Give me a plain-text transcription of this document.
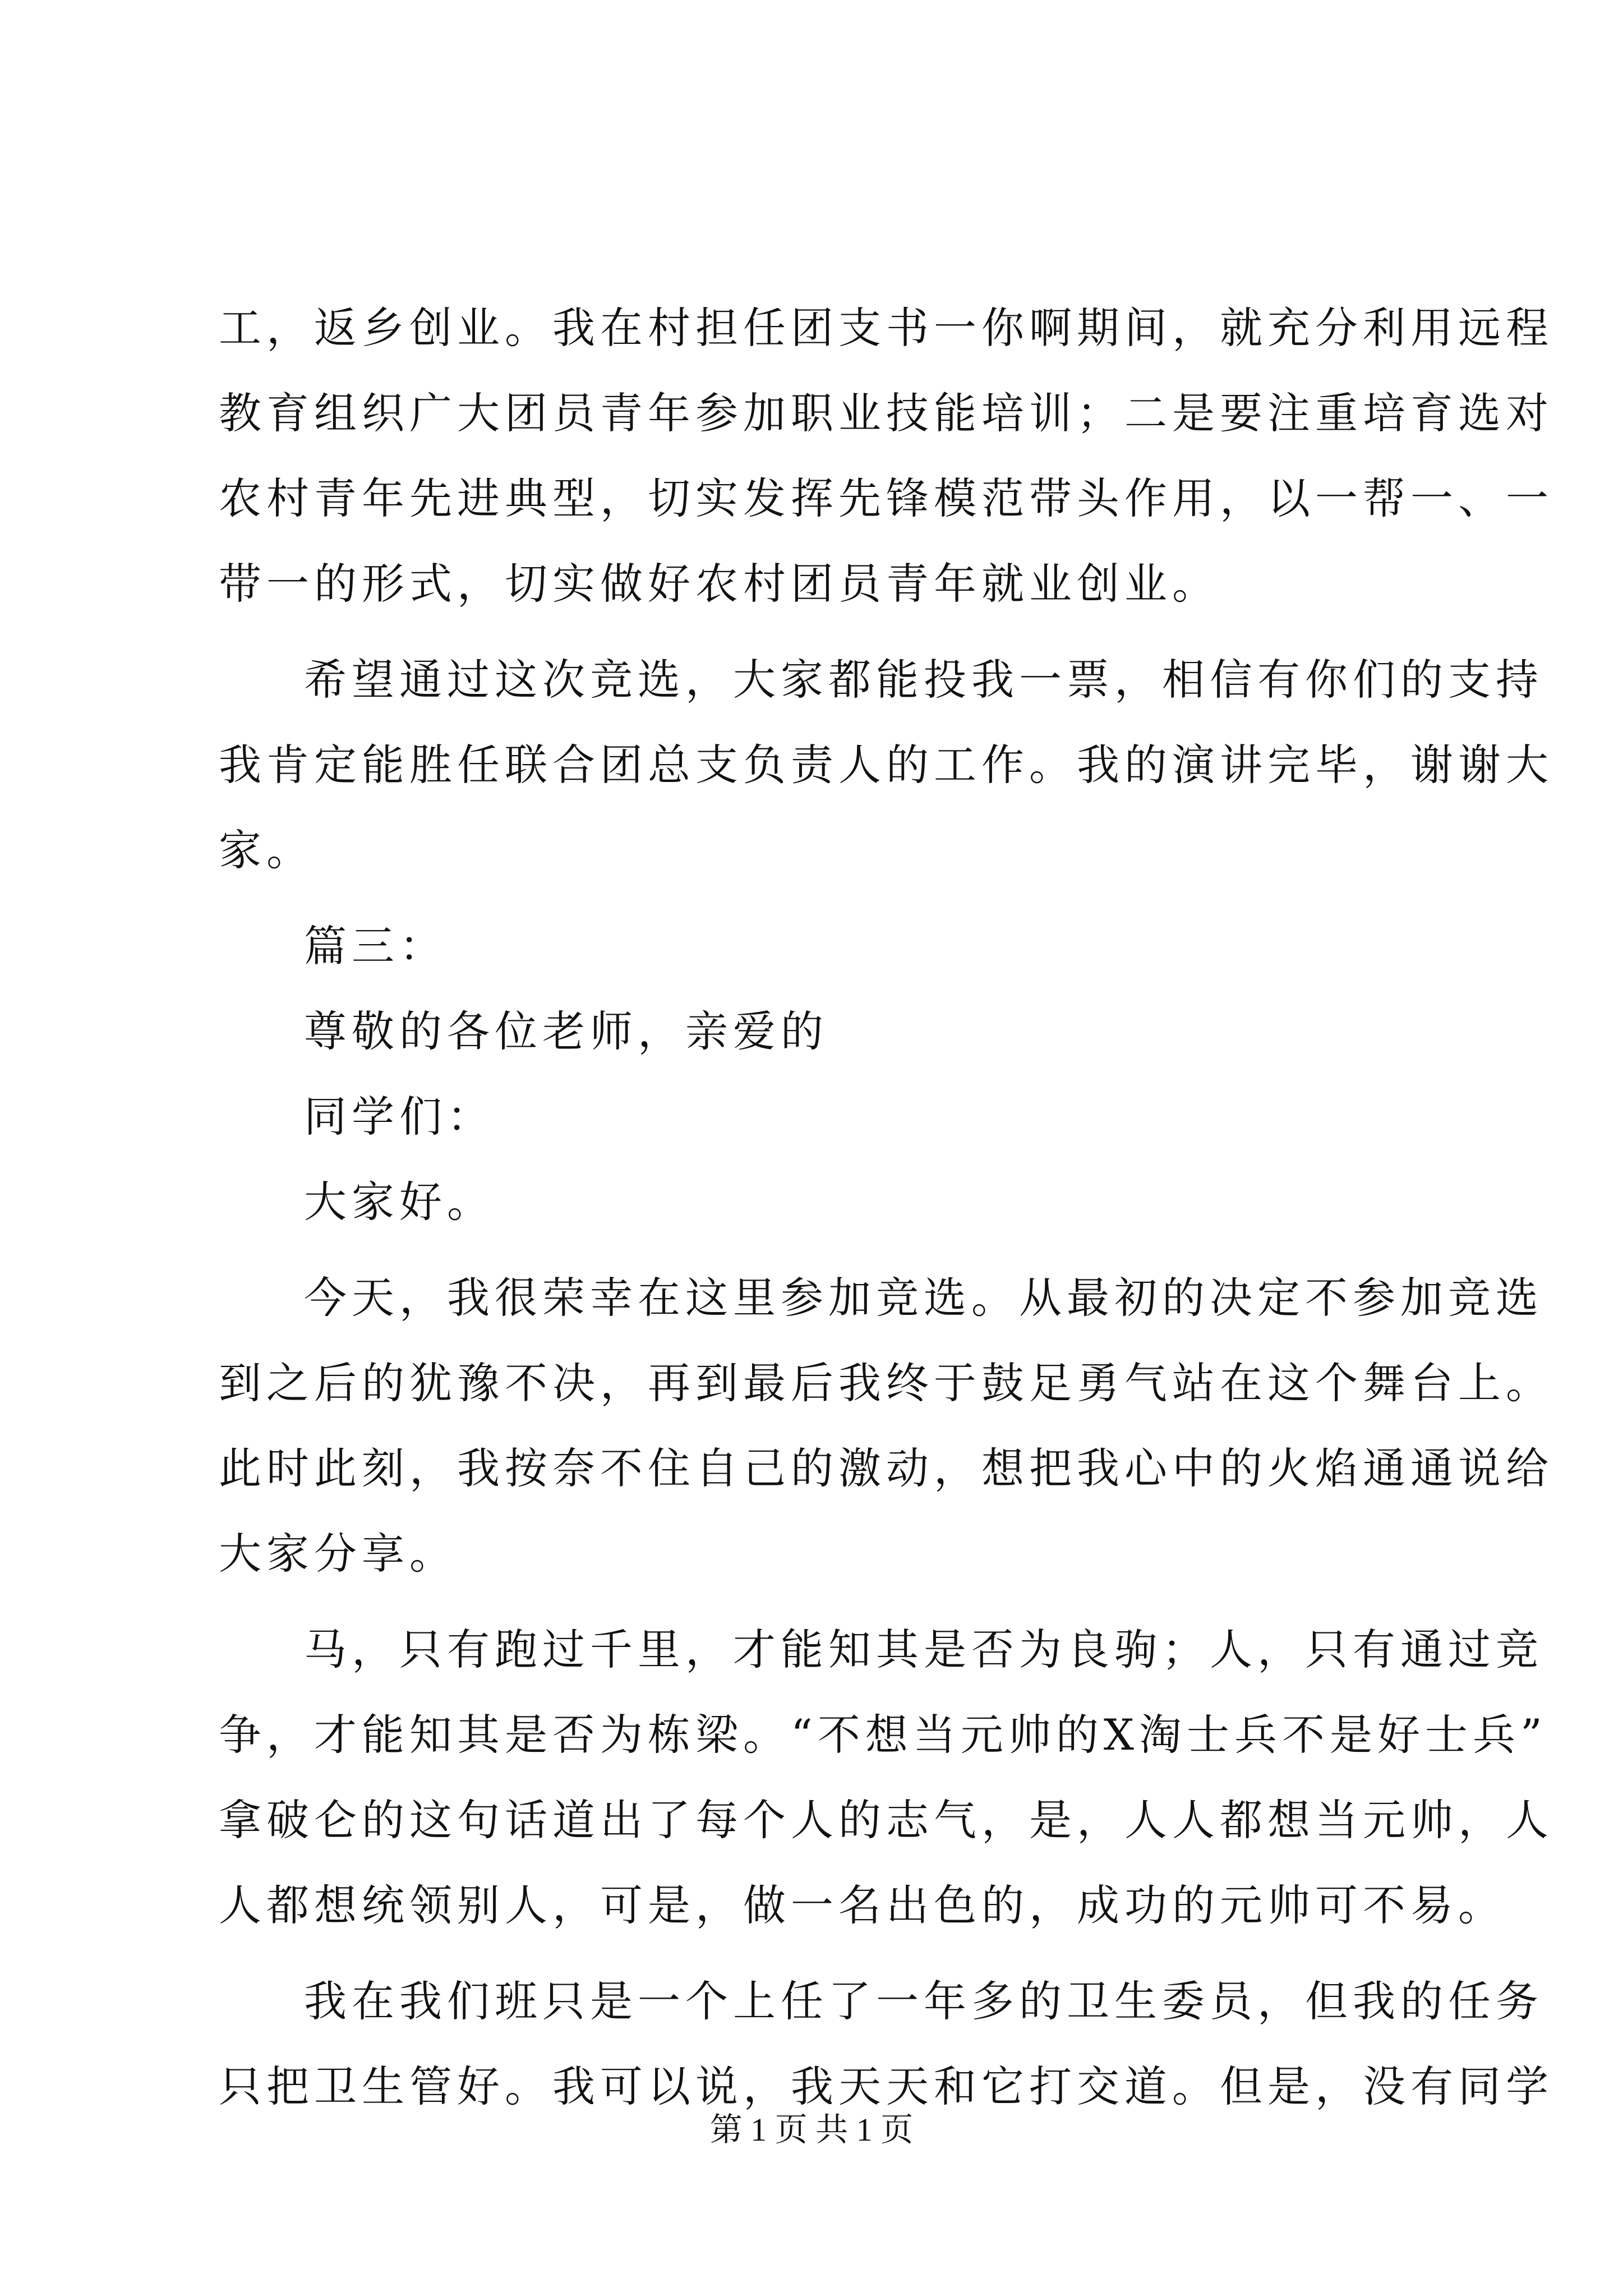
工，返乡创业。我在村担任团支书一你啊期间，就充分利用远程
教育组织广大团员青年参加职业技能培训；二是要注重培育选对
农村青年先进典型，切实发挥先锋模范带头作用，以一帮一、一
带一的形式，切实做好农村团员青年就业创业。
希望通过这次竞选，大家都能投我一票，相信有你们的支持
我肯定能胜任联合团总支负责人的工作。我的演讲完毕，谢谢大
家。
篇三：
尊敬的各位老师，亲爱的
同学们：
大家好。
今天，我很荣幸在这里参加竞选。从最初的决定不参加竞选
到之后的犹豫不决，再到最后我终于鼓足勇气站在这个舞台上。
此时此刻，我按奈不住自己的激动，想把我心中的火焰通通说给
大家分享。
马，只有跑过千里，才能知其是否为良驹；人，只有通过竞
争，才能知其是否为栋梁。“不想当元帅的X淘士兵不是好士兵”
拿破仑的这句话道出了每个人的志气，是，人人都想当元帅，人
人都想统领别人，可是，做一名出色的，成功的元帅可不易。
我在我们班只是一个上任了一年多的卫生委员，但我的任务
只把卫生管好。我可以说，我天天和它打交道。但是，没有同学
第 1 页 共 1 页
